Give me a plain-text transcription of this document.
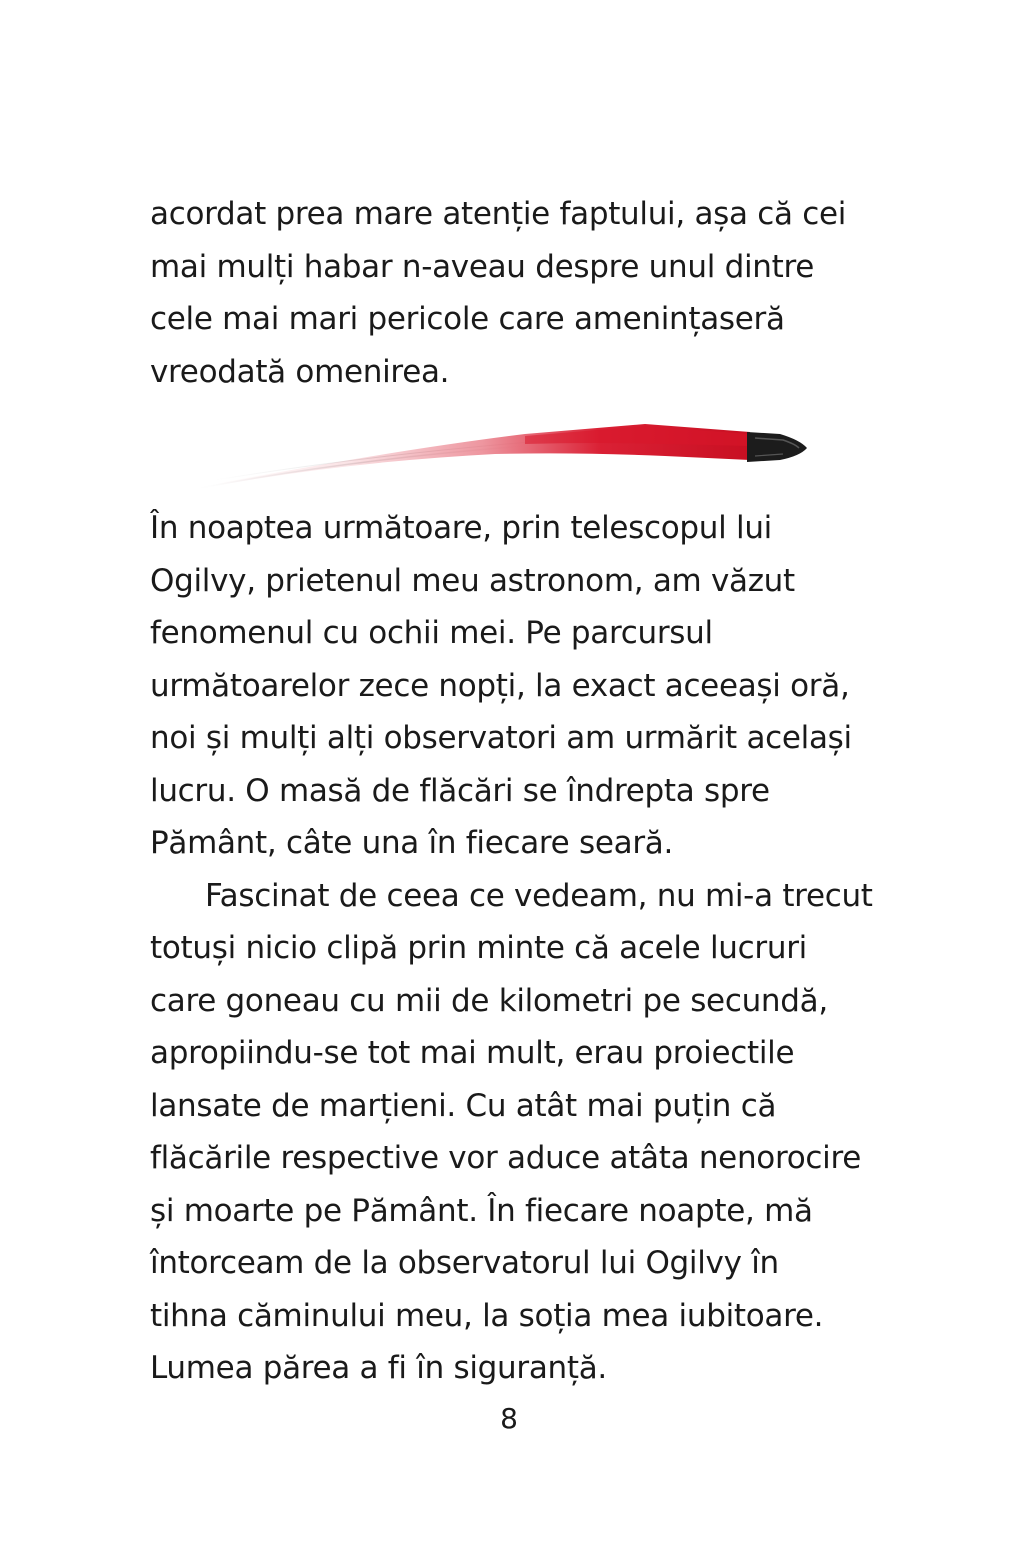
acordat prea mare atenție faptului, așa că cei
mai mulți habar n-aveau despre unul dintre
cele mai mari pericole care amenințaseră
vreodată omenirea.
În noaptea următoare, prin telescopul lui
Ogilvy, prietenul meu astronom, am văzut
fenomenul cu ochii mei. Pe parcursul
următoarelor zece nopți, la exact aceeași oră,
noi și mulți alți observatori am urmărit același
lucru. O masă de flăcări se îndrepta spre
Pământ, câte una în fiecare seară.
Fascinat de ceea ce vedeam, nu mi-a trecut
totuși nicio clipă prin minte că acele lucruri
care goneau cu mii de kilometri pe secundă,
apropiindu-se tot mai mult, erau proiectile
lansate de marțieni. Cu atât mai puțin că
flăcările respective vor aduce atâta nenorocire
și moarte pe Pământ. În fiecare noapte, mă
întorceam de la observatorul lui Ogilvy în
tihna căminului meu, la soția mea iubitoare.
Lumea părea a fi în siguranță.
8
